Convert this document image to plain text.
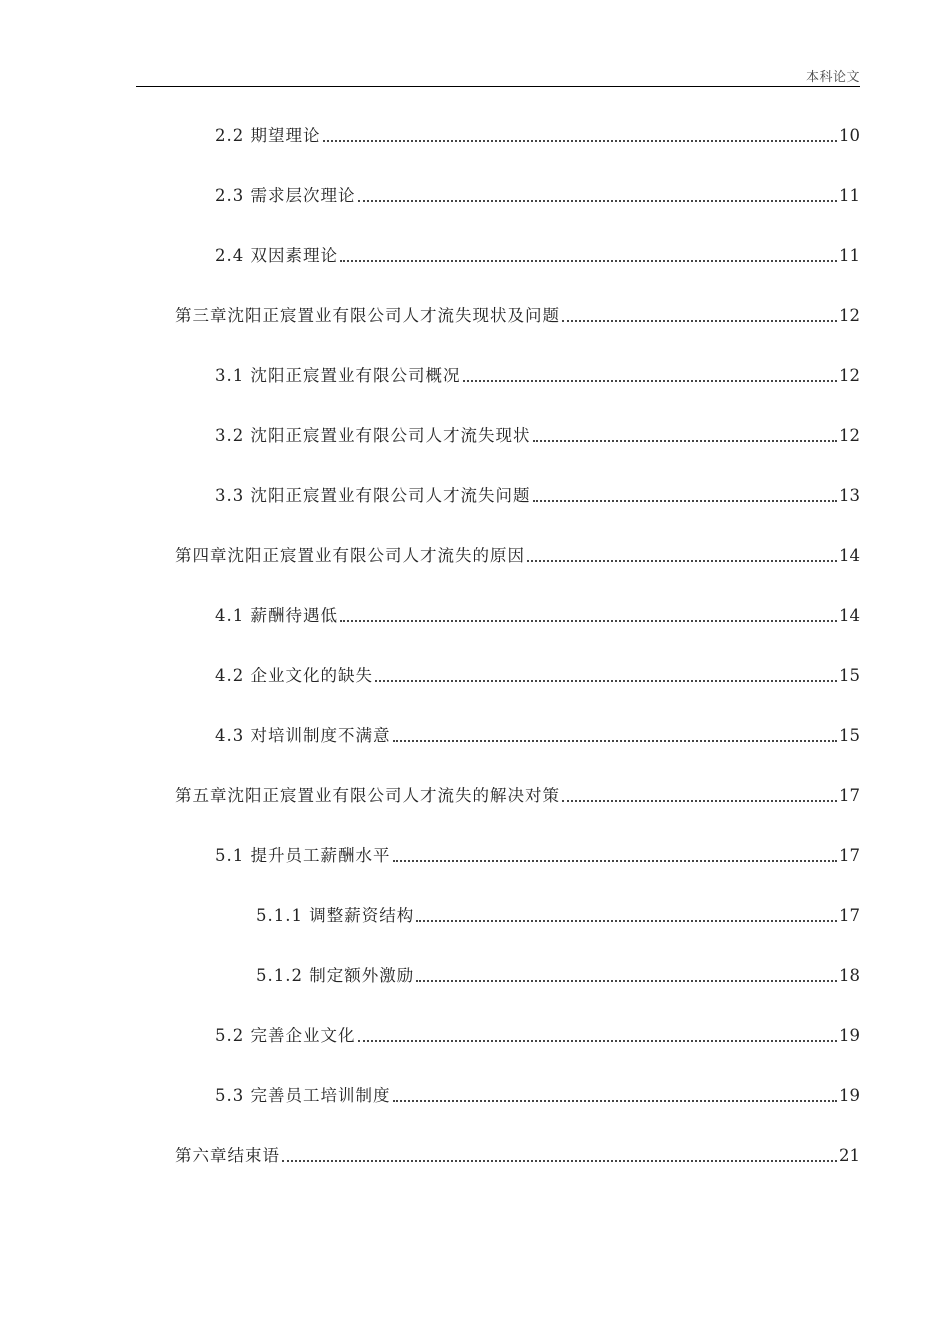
本科论文
2.2 期望理论	10
2.3 需求层次理论	11
2.4 双因素理论	11
第三章沈阳正宸置业有限公司人才流失现状及问题	12
3.1 沈阳正宸置业有限公司概况	12
3.2 沈阳正宸置业有限公司人才流失现状	12
3.3 沈阳正宸置业有限公司人才流失问题	13
第四章沈阳正宸置业有限公司人才流失的原因	14
4.1 薪酬待遇低	14
4.2 企业文化的缺失	15
4.3 对培训制度不满意	15
第五章沈阳正宸置业有限公司人才流失的解决对策	17
5.1 提升员工薪酬水平	17
5.1.1 调整薪资结构	17
5.1.2 制定额外激励	18
5.2 完善企业文化	19
5.3 完善员工培训制度	19
第六章结束语	21
